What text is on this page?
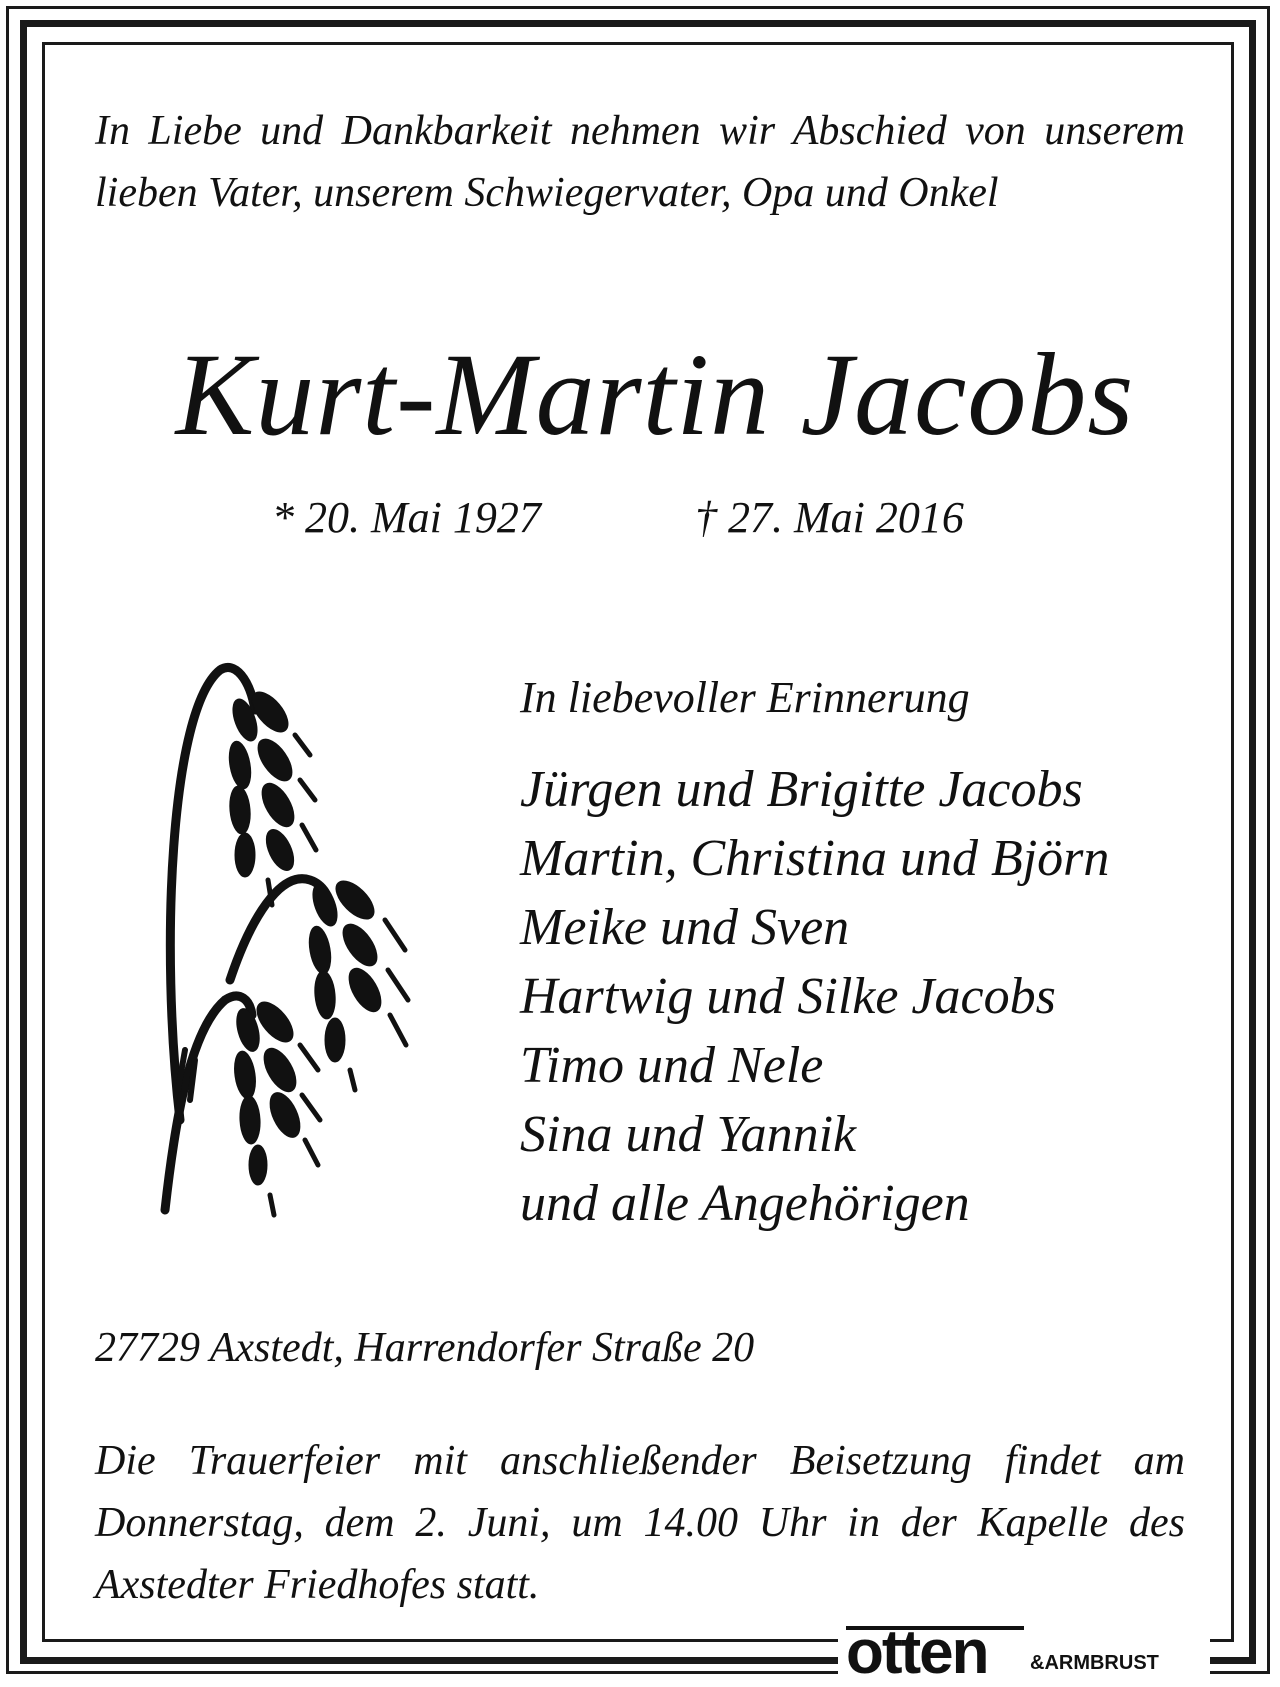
In Liebe und Dankbarkeit nehmen wir Abschied von unserem lieben Vater, unserem Schwiegervater, Opa und Onkel

Kurt-Martin Jacobs
* 20. Mai 1927	† 27. Mai 2016

In liebevoller Erinnerung

Jürgen und Brigitte Jacobs
Martin, Christina und Björn
Meike und Sven
Hartwig und Silke Jacobs
Timo und Nele
Sina und Yannik
und alle Angehörigen

27729 Axstedt, Harrendorfer Straße 20

Die Trauerfeier mit anschließender Beisetzung findet am Donnerstag, dem 2. Juni, um 14.00 Uhr in der Kapelle des Axstedter Friedhofes statt.

otten &ARMBRUST
